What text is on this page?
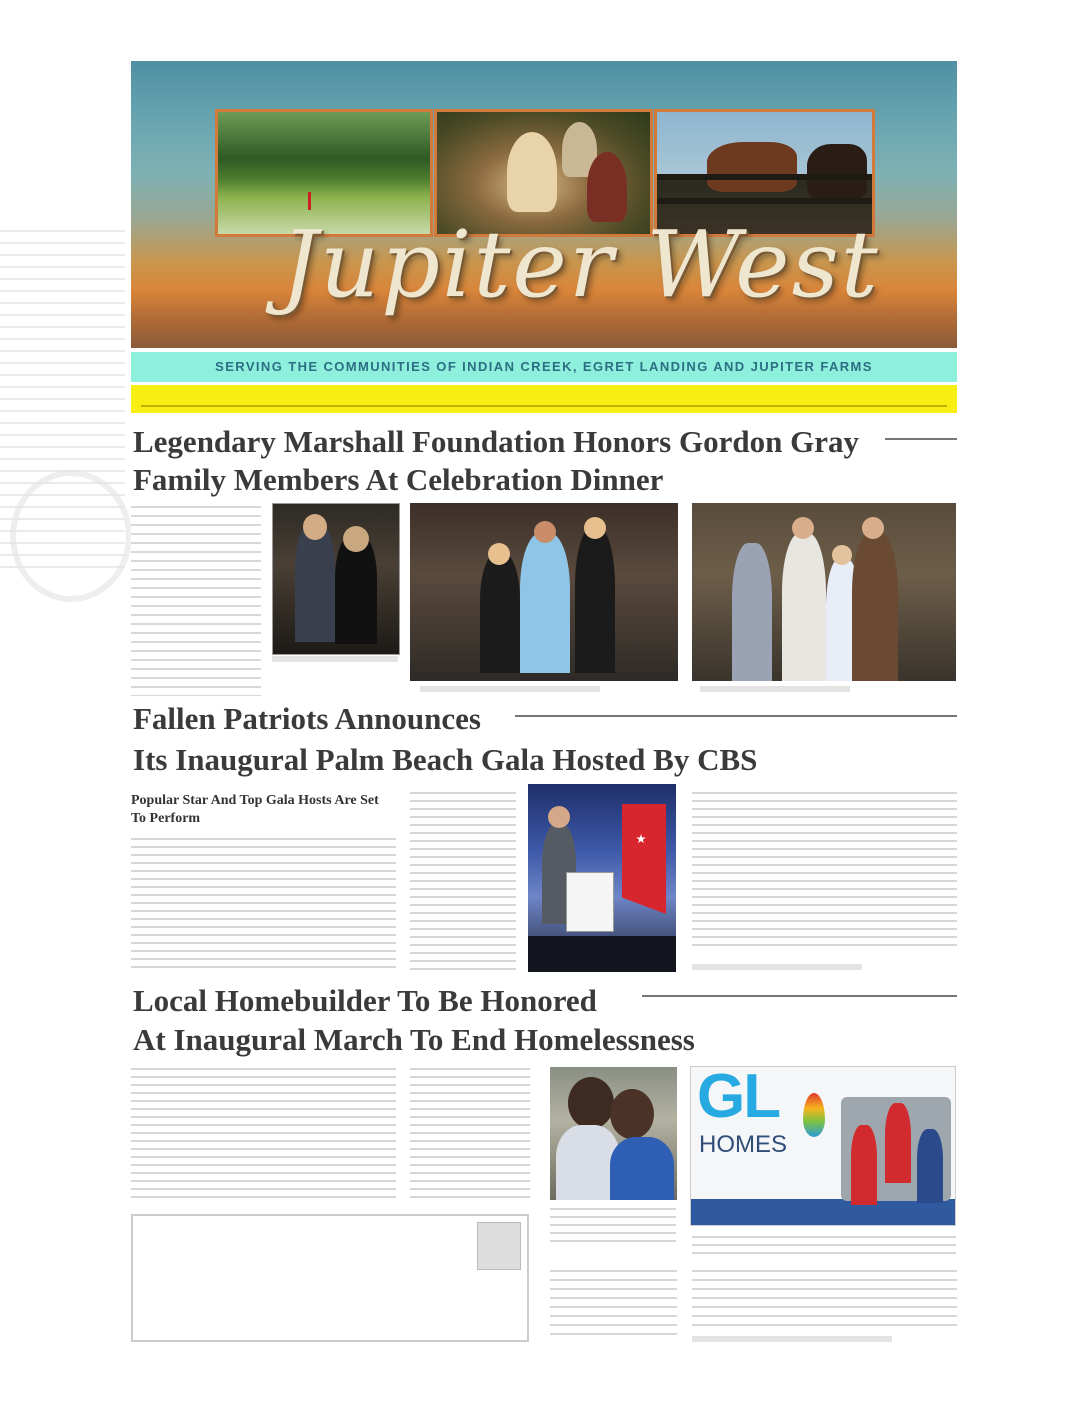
Jupiter West
SERVING THE COMMUNITIES OF INDIAN CREEK, EGRET LANDING AND JUPITER FARMS
Legendary Marshall Foundation Honors Gordon Gray
Family Members At Celebration Dinner
Fallen Patriots Announces
Its Inaugural Palm Beach Gala Hosted By CBS
Popular Star And Top Gala Hosts Are Set To Perform
Local Homebuilder To Be Honored
At Inaugural March To End Homelessness
GL
HOMES
